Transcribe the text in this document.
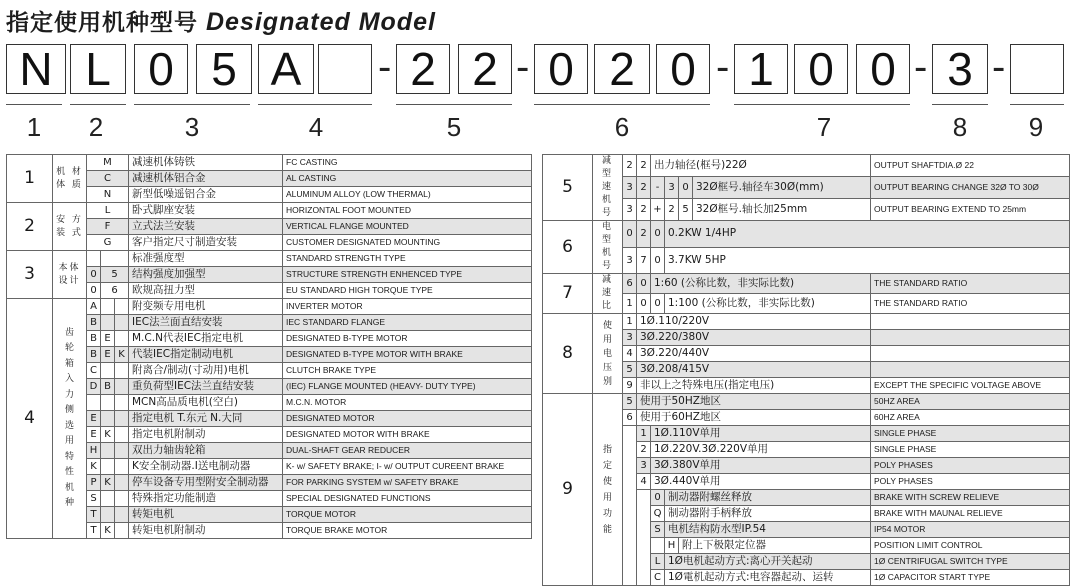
指定使用机种型号 Designated Model
N L 0 5 A	- 2 2 - 0 2 0 - 1 0 0 - 3 -
1	2	3	4	5	6	7	8	9
1	机 材 体 质	M			减速机体铸铁	FC CASTING
		C			减速机体铝合金	AL CASTING
		N			新型低噪遥铝合金	ALUMINUM ALLOY (LOW THERMAL)
2	安 方 装 式	L			卧式脚座安装	HORIZONTAL FOOT MOUNTED
		F			立式法兰安装	VERTICAL FLANGE MOUNTED
		G			客户指定尺寸制造安装	CUSTOMER DESIGNATED MOUNTING
3	本体 设计				标准强度型	STANDARD STRENGTH TYPE
		0	5		结构强度加强型	STRUCTURE STRENGTH ENHENCED TYPE
		0	6		欧规高扭力型	EU STANDARD HIGH TORQUE TYPE
4	齿 轮 箱 入 力 侧 选 用 特 性 机 种	A			附变频专用电机	INVERTER MOTOR
		B			IEC法兰面直结安装	IEC STANDARD FLANGE
		B	E		M.C.N代表IEC指定电机	DESIGNATED B-TYPE MOTOR
		B	E	K	代装IEC指定制动电机	DESIGNATED B-TYPE MOTOR WITH BRAKE
		C			附离合/制动(寸动用)电机	CLUTCH BRAKE TYPE
		D	B		重负荷型IEC法兰直结安装	(IEC) FLANGE MOUNTED (HEAVY- DUTY TYPE)
					MCN高品质电机(空白)	M.C.N. MOTOR
		E			指定电机 T.东元 N.大同	DESIGNATED MOTOR
		E	K		指定电机附制动	DESIGNATED MOTOR WITH BRAKE
		H			双出力轴齿轮箱	DUAL-SHAFT GEAR REDUCER
		K			K安全制动器.I送电制动器	K- w/ SAFETY BRAKE; I- w/ OUTPUT CUREENT BRAKE
		P	K		停车设备专用型附安全制动器	FOR PARKING SYSTEM w/ SAFETY BRAKE
		S			特殊指定功能制造	SPECIAL DESIGNATED FUNCTIONS
		T			转矩电机	TORQUE MOTOR
		T	K		转矩电机附制动	TORQUE BRAKE MOTOR
5	减 型 速 机 号	2	2	出力轴径(框号)22Ø				OUTPUT SHAFTDIA.Ø 22
		3	2	-	3	0	32Ø框号.轴径车30Ø(mm)	OUTPUT BEARING CHANGE 32Ø TO 30Ø
		3	2	+	2	5	32Ø框号.轴长加25mm	OUTPUT BEARING EXTEND TO 25mm
6	电 型 机 号	0	2	0	0.2KW 1/4HP			
		3	7	0	3.7KW 5HP			
7	减 速 比	6	0	1:60 (公称比数，非实际比数)				THE STANDARD RATIO
		1	0	0	1:100 (公称比数，非实际比数)			THE STANDARD RATIO
8	使 用 电 压 别	1	1Ø.110/220V					
		3	3Ø.220/380V					
		4	3Ø.220/440V					
		5	3Ø.208/415V					
		9	非以上之特殊电压(指定电压)					EXCEPT THE SPECIFIC VOLTAGE ABOVE
9	指 定 使 用 功 能	5	使用于50HZ地区					50HZ AREA
		6	使用于60HZ地区					60HZ AREA
			1	1Ø.110V单用				SINGLE PHASE
			2	1Ø.220V.3Ø.220V单用				SINGLE PHASE
			3	3Ø.380V单用				POLY PHASES
			4	3Ø.440V单用				POLY PHASES
				0	制动器附螺丝释放			BRAKE WITH SCREW RELIEVE
				Q	制动器附手柄释放			BRAKE WITH MAUNAL RELIEVE
				S	电机结构防水型IP.54			IP54 MOTOR
					H	附上下极限定位器		POSITION LIMIT CONTROL
				L	1Ø电机起动方式:离心开关起动			1Ø CENTRIFUGAL SWITCH TYPE
				C	1Ø電机起动方式:电容器起动、运转			1Ø CAPACITOR START TYPE
